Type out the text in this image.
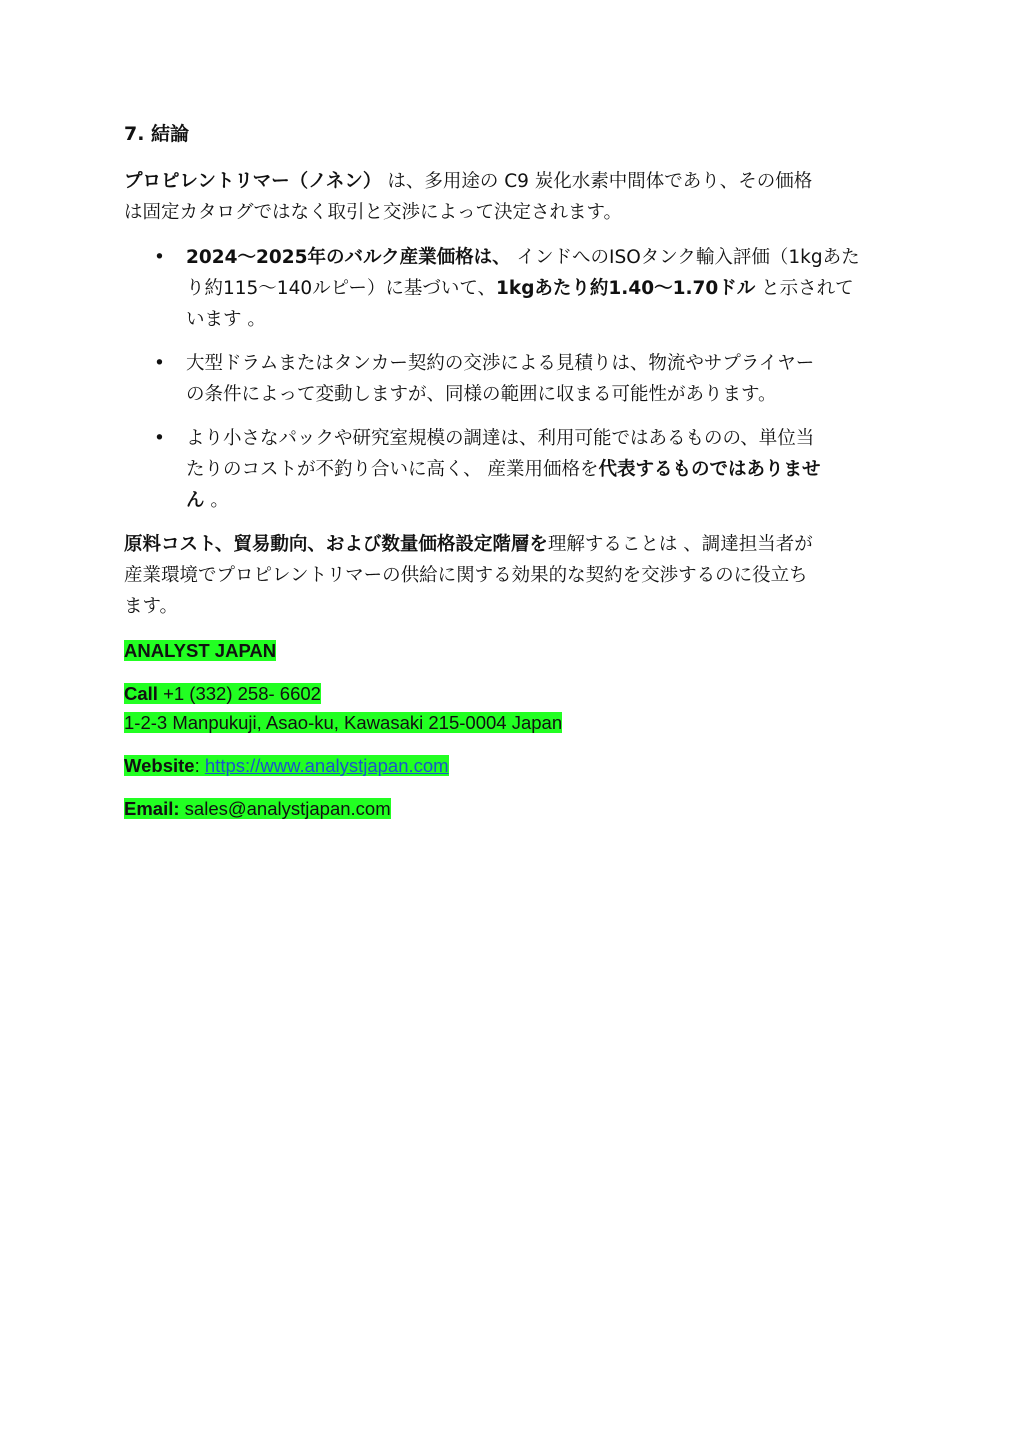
7. 結論
プロピレントリマー（ノネン） は、多用途の C9 炭化水素中間体であり、その価格
は固定カタログではなく取引と交渉によって決定されます。
• 2024〜2025年のバルク産業価格は、 インドへのISOタンク輸入評価（1kgあた
り約115〜140ルピー）に基づいて、1kgあたり約1.40〜1.70ドル と示されて
います 。
• 大型ドラムまたはタンカー契約の交渉による見積りは、物流やサプライヤー
の条件によって変動しますが、同様の範囲に収まる可能性があります。
• より小さなパックや研究室規模の調達は、利用可能ではあるものの、単位当
たりのコストが不釣り合いに高く、 産業用価格を代表するものではありませ
ん 。
原料コスト、貿易動向、および数量価格設定階層を理解することは 、調達担当者が
産業環境でプロピレントリマーの供給に関する効果的な契約を交渉するのに役立ち
ます。
ANALYST JAPAN
Call +1 (332) 258- 6602
1-2-3 Manpukuji, Asao-ku, Kawasaki 215-0004 Japan
Website: https://www.analystjapan.com
Email: sales@analystjapan.com
